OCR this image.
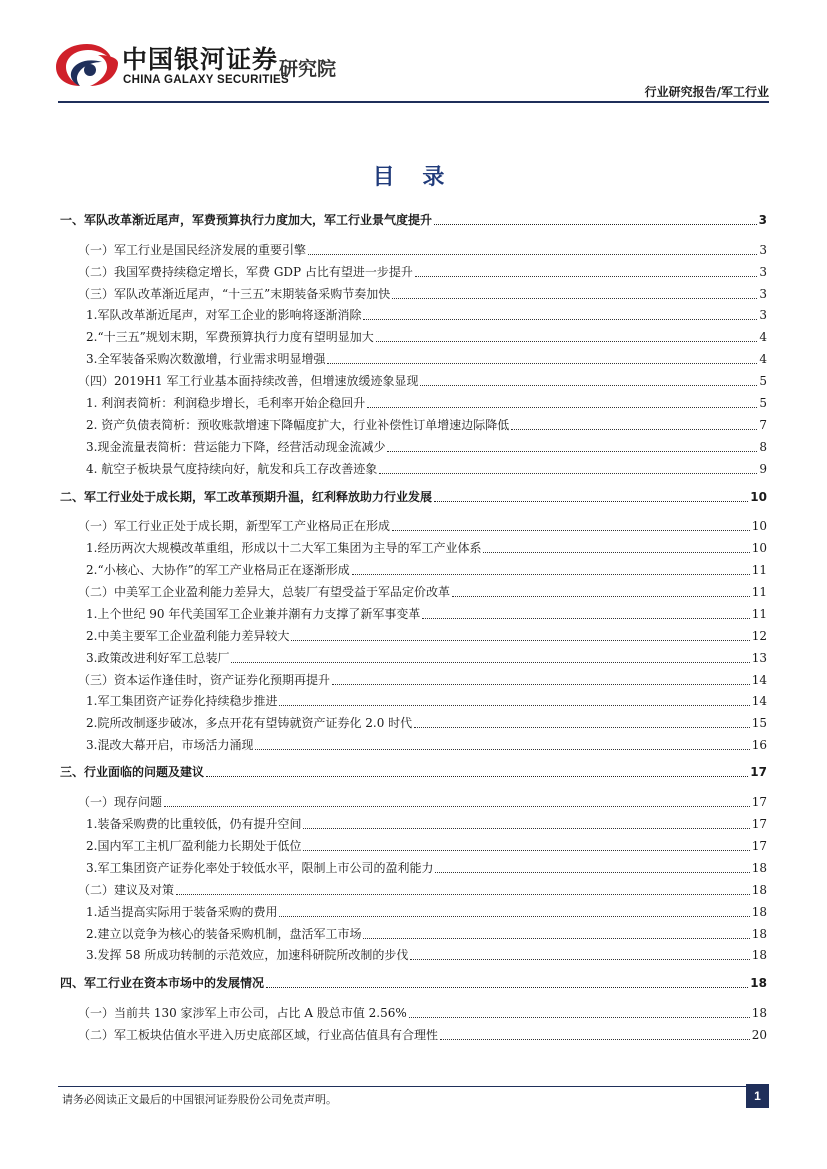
中国银河证券
CHINA GALAXY SECURITIES
研究院
行业研究报告/军工行业
目 录
一、军队改革渐近尾声，军费预算执行力度加大，军工行业景气度提升	3
（一）军工行业是国民经济发展的重要引擎	3
（二）我国军费持续稳定增长，军费 GDP 占比有望进一步提升	3
（三）军队改革渐近尾声，“十三五”末期装备采购节奏加快	3
1.军队改革渐近尾声，对军工企业的影响将逐渐消除	3
2.“十三五”规划末期，军费预算执行力度有望明显加大	4
3.全军装备采购次数激增，行业需求明显增强	4
（四）2019H1 军工行业基本面持续改善，但增速放缓迹象显现	5
1. 利润表简析：利润稳步增长，毛利率开始企稳回升	5
2. 资产负债表简析：预收账款增速下降幅度扩大，行业补偿性订单增速边际降低	7
3.现金流量表简析：营运能力下降，经营活动现金流减少	8
4. 航空子板块景气度持续向好，航发和兵工存改善迹象	9
二、军工行业处于成长期，军工改革预期升温，红利释放助力行业发展	10
（一）军工行业正处于成长期，新型军工产业格局正在形成	10
1.经历两次大规模改革重组，形成以十二大军工集团为主导的军工产业体系	10
2.“小核心、大协作”的军工产业格局正在逐渐形成	11
（二）中美军工企业盈利能力差异大，总装厂有望受益于军品定价改革	11
1.上个世纪 90 年代美国军工企业兼并潮有力支撑了新军事变革	11
2.中美主要军工企业盈利能力差异较大	12
3.政策改进利好军工总装厂	13
（三）资本运作逢佳时，资产证券化预期再提升	14
1.军工集团资产证券化持续稳步推进	14
2.院所改制逐步破冰，多点开花有望铸就资产证券化 2.0 时代	15
3.混改大幕开启，市场活力涌现	16
三、行业面临的问题及建议	17
（一）现存问题	17
1.装备采购费的比重较低，仍有提升空间	17
2.国内军工主机厂盈利能力长期处于低位	17
3.军工集团资产证券化率处于较低水平，限制上市公司的盈利能力	18
（二）建议及对策	18
1.适当提高实际用于装备采购的费用	18
2.建立以竞争为核心的装备采购机制，盘活军工市场	18
3.发挥 58 所成功转制的示范效应，加速科研院所改制的步伐	18
四、军工行业在资本市场中的发展情况	18
（一）当前共 130 家涉军上市公司，占比 A 股总市值 2.56%	18
（二）军工板块估值水平进入历史底部区域，行业高估值具有合理性	20
请务必阅读正文最后的中国银河证券股份公司免责声明。	1
